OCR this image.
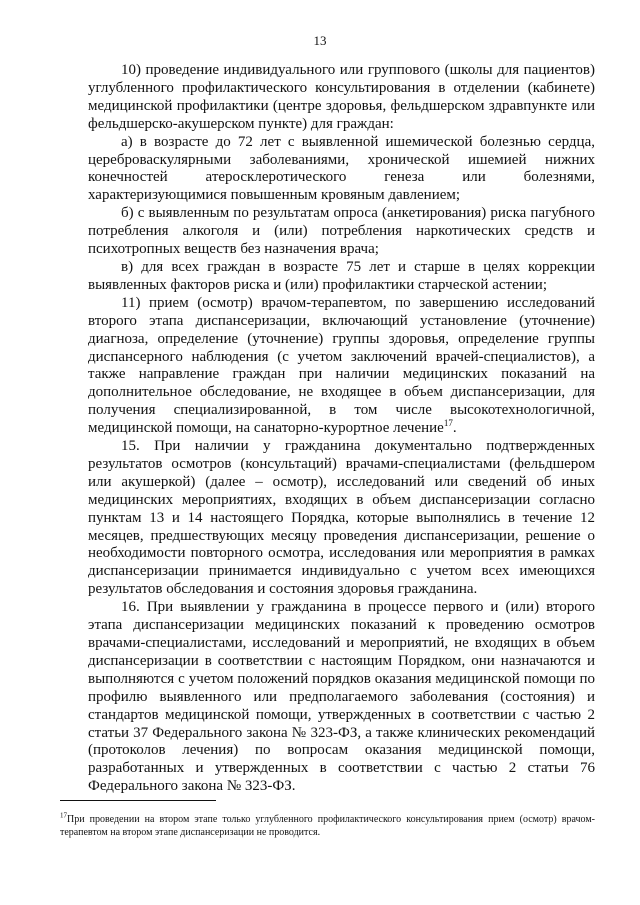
13

10) проведение индивидуального или группового (школы для пациентов) углубленного профилактического консультирования в отделении (кабинете) медицинской профилактики (центре здоровья, фельдшерском здравпункте или фельдшерско-акушерском пункте) для граждан:

а) в возрасте до 72 лет с выявленной ишемической болезнью сердца, цереброваскулярными заболеваниями, хронической ишемией нижних конечностей атеросклеротического генеза или болезнями, характеризующимися повышенным кровяным давлением;

б) с выявленным по результатам опроса (анкетирования) риска пагубного потребления алкоголя и (или) потребления наркотических средств и психотропных веществ без назначения врача;

в) для всех граждан в возрасте 75 лет и старше в целях коррекции выявленных факторов риска и (или) профилактики старческой астении;

11) прием (осмотр) врачом-терапевтом, по завершению исследований второго этапа диспансеризации, включающий установление (уточнение) диагноза, определение (уточнение) группы здоровья, определение группы диспансерного наблюдения (с учетом заключений врачей-специалистов), а также направление граждан при наличии медицинских показаний на дополнительное обследование, не входящее в объем диспансеризации, для получения специализированной, в том числе высокотехнологичной, медицинской помощи, на санаторно-курортное лечение$^{17}$.

15. При наличии у гражданина документально подтвержденных результатов осмотров (консультаций) врачами-специалистами (фельдшером или акушеркой) (далее – осмотр), исследований или сведений об иных медицинских мероприятиях, входящих в объем диспансеризации согласно пунктам 13 и 14 настоящего Порядка, которые выполнялись в течение 12 месяцев, предшествующих месяцу проведения диспансеризации, решение о необходимости повторного осмотра, исследования или мероприятия в рамках диспансеризации принимается индивидуально с учетом всех имеющихся результатов обследования и состояния здоровья гражданина.

16. При выявлении у гражданина в процессе первого и (или) второго этапа диспансеризации медицинских показаний к проведению осмотров врачами-специалистами, исследований и мероприятий, не входящих в объем диспансеризации в соответствии с настоящим Порядком, они назначаются и выполняются с учетом положений порядков оказания медицинской помощи по профилю выявленного или предполагаемого заболевания (состояния) и стандартов медицинской помощи, утвержденных в соответствии с частью 2 статьи 37 Федерального закона № 323-ФЗ, а также клинических рекомендаций (протоколов лечения) по вопросам оказания медицинской помощи, разработанных и утвержденных в соответствии с частью 2 статьи 76 Федерального закона № 323-ФЗ.

$^{17}$При проведении на втором этапе только углубленного профилактического консультирования прием (осмотр) врачом-терапевтом на втором этапе диспансеризации не проводится.
